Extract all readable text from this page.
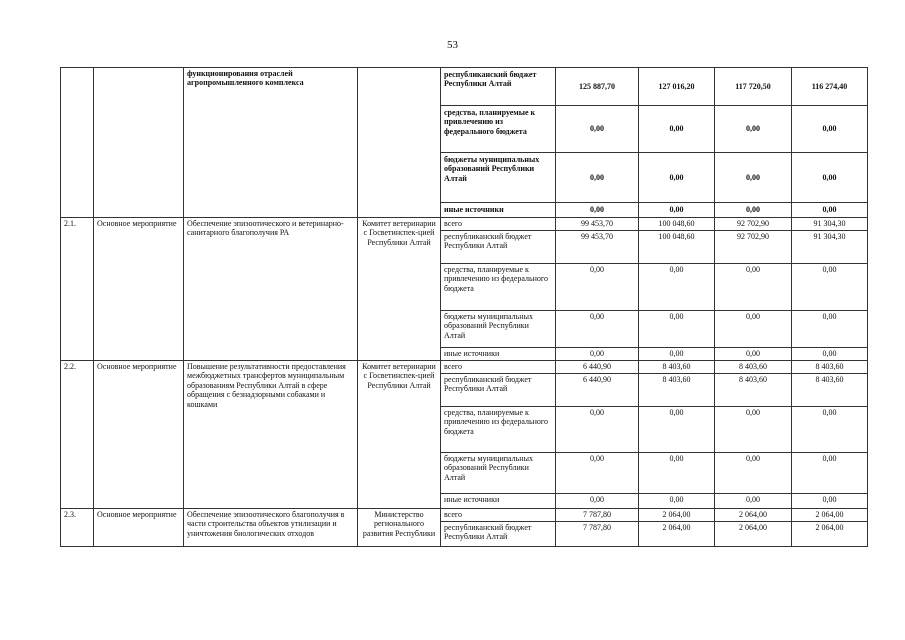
53
		функционирования отраслей агропромышленного комплекса		республиканский бюджет Республики Алтай	125 887,70	127 016,20	117 720,50	116 274,40
				средства, планируемые к привлечению из федерального бюджета	0,00	0,00	0,00	0,00
				бюджеты муниципальных образований Республики Алтай	0,00	0,00	0,00	0,00
				иные источники	0,00	0,00	0,00	0,00
2.1.	Основное мероприятие	Обеспечение эпизоотического и ветеринарно-санитарного благополучия РА	Комитет ветеринарии с Госветинспек-цией Республики Алтай	всего	99 453,70	100 048,60	92 702,90	91 304,30
				республиканский бюджет Республики Алтай	99 453,70	100 048,60	92 702,90	91 304,30
				средства, планируемые к привлечению из федерального бюджета	0,00	0,00	0,00	0,00
				бюджеты муниципальных образований Республики Алтай	0,00	0,00	0,00	0,00
				иные источники	0,00	0,00	0,00	0,00
2.2.	Основное мероприятие	Повышение результативности предоставления межбюджетных трансфертов муниципальным образованиям Республики Алтай в сфере обращения с безнадзорными собаками и кошками	Комитет ветеринарии с Госветинспек-цией Республики Алтай	всего	6 440,90	8 403,60	8 403,60	8 403,60
				республиканский бюджет Республики Алтай	6 440,90	8 403,60	8 403,60	8 403,60
				средства, планируемые к привлечению из федерального бюджета	0,00	0,00	0,00	0,00
				бюджеты муниципальных образований Республики Алтай	0,00	0,00	0,00	0,00
				иные источники	0,00	0,00	0,00	0,00
2.3.	Основное мероприятие	Обеспечение эпизоотического благополучия в части строительства объектов утилизации и уничтожения биологических отходов	Министерство регионального развития Республики	всего	7 787,80	2 064,00	2 064,00	2 064,00
				республиканский бюджет Республики Алтай	7 787,80	2 064,00	2 064,00	2 064,00
